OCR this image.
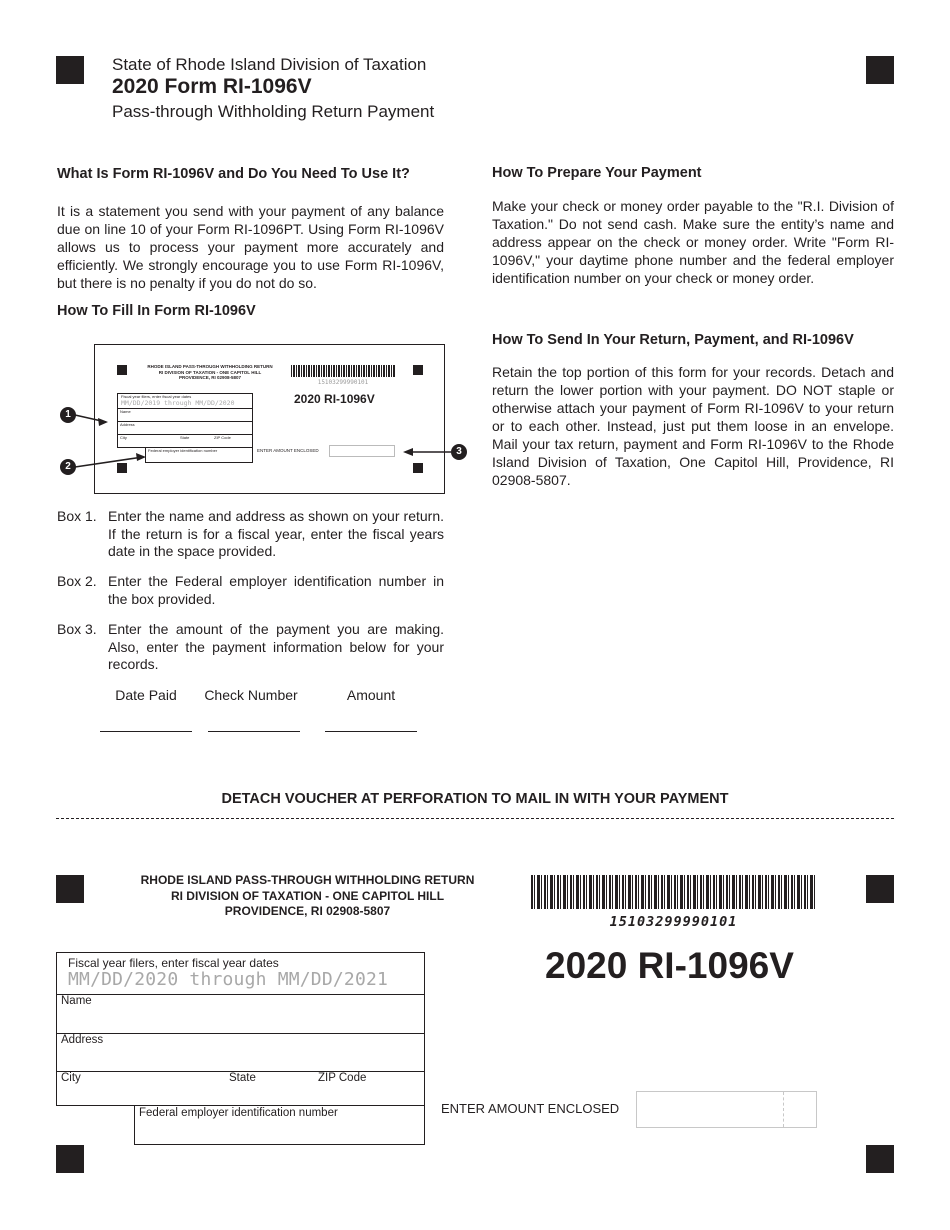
State of Rhode Island Division of Taxation
2020 Form RI-1096V
Pass-through Withholding Return Payment
What Is Form RI-1096V and Do You Need To Use It?
It is a statement you send with your payment of any balance due on line 10 of your Form RI-1096PT. Using Form RI-1096V allows us to process your payment more accurately and efficiently. We strongly encourage you to use Form RI-1096V, but there is no penalty if you do not do so.
How To Fill In Form RI-1096V
RHODE ISLAND PASS-THROUGH WITHHOLDING RETURN
RI DIVISION OF TAXATION - ONE CAPITOL HILL
PROVIDENCE, RI 02908-5807
15103299990101
2020 RI-1096V
Fiscal year filers, enter fiscal year dates
MM/DD/2019 through MM/DD/2020
Name
Address
City	State	ZIP Code
Federal employer identification number	ENTER AMOUNT ENCLOSED
1
2
3
Box 1. Enter the name and address as shown on your return. If the return is for a fiscal year, enter the fiscal years date in the space provided.
Box 2. Enter the Federal employer identification number in the box provided.
Box 3. Enter the amount of the payment you are making. Also, enter the payment information below for your records.
Date Paid	Check Number	Amount
How To Prepare Your Payment
Make your check or money order payable to the "R.I. Division of Taxation." Do not send cash. Make sure the entity’s name and address appear on the check or money order. Write "Form RI-1096V," your daytime phone number and the federal employer identification number on your check or money order.
How To Send In Your Return, Payment, and RI-1096V
Retain the top portion of this form for your records. Detach and return the lower portion with your payment. DO NOT staple or otherwise attach your payment of Form RI-1096V to your return or to each other. Instead, just put them loose in an envelope. Mail your tax return, payment and Form RI-1096V to the Rhode Island Division of Taxation, One Capitol Hill, Providence, RI 02908-5807.
DETACH VOUCHER AT PERFORATION TO MAIL IN WITH YOUR PAYMENT
RHODE ISLAND PASS-THROUGH WITHHOLDING RETURN
RI DIVISION OF TAXATION - ONE CAPITOL HILL
PROVIDENCE, RI 02908-5807
15103299990101
2020 RI-1096V
Fiscal year filers, enter fiscal year dates
MM/DD/2020 through MM/DD/2021
Name
Address
City	State	ZIP Code
Federal employer identification number	ENTER AMOUNT ENCLOSED
